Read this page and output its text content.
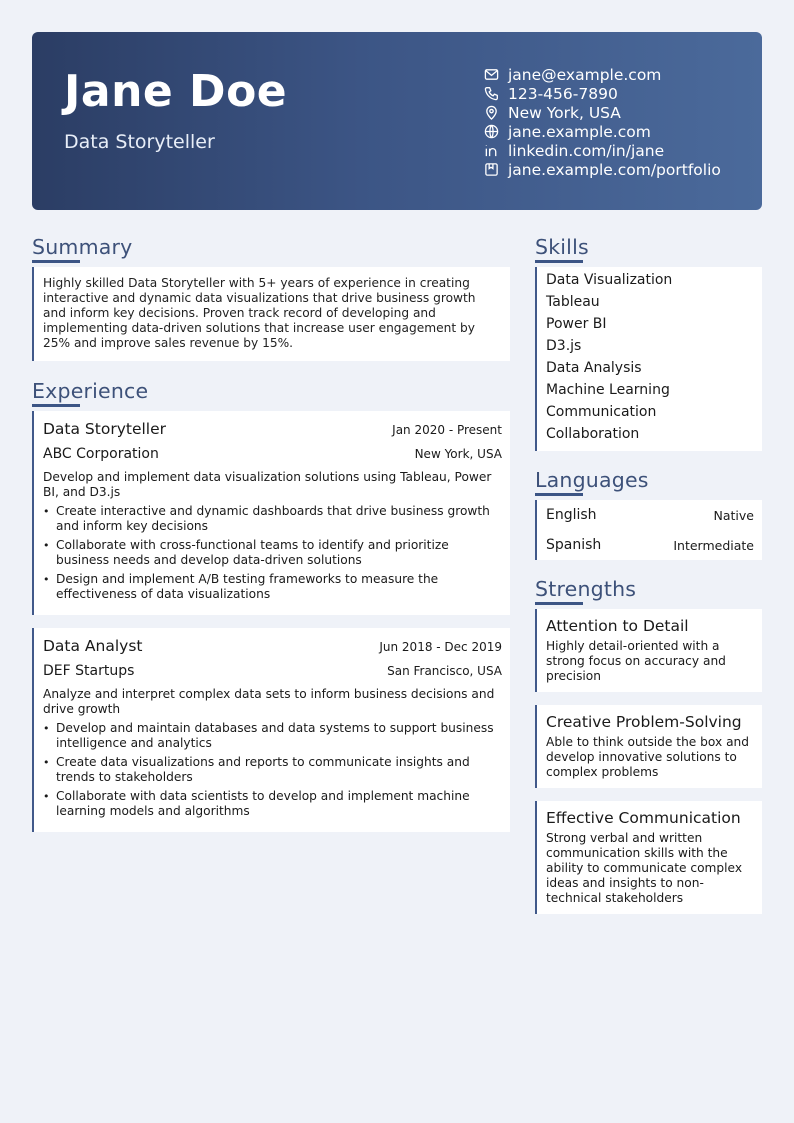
Jane Doe
Data Storyteller
jane@example.com
123-456-7890
New York, USA
jane.example.com
linkedin.com/in/jane
jane.example.com/portfolio
Summary
Highly skilled Data Storyteller with 5+ years of experience in creating interactive and dynamic data visualizations that drive business growth and inform key decisions. Proven track record of developing and implementing data-driven solutions that increase user engagement by 25% and improve sales revenue by 15%.
Experience
Data Storyteller	Jan 2020 - Present
ABC Corporation	New York, USA
Develop and implement data visualization solutions using Tableau, Power BI, and D3.js
• Create interactive and dynamic dashboards that drive business growth and inform key decisions
• Collaborate with cross-functional teams to identify and prioritize business needs and develop data-driven solutions
• Design and implement A/B testing frameworks to measure the effectiveness of data visualizations
Data Analyst	Jun 2018 - Dec 2019
DEF Startups	San Francisco, USA
Analyze and interpret complex data sets to inform business decisions and drive growth
• Develop and maintain databases and data systems to support business intelligence and analytics
• Create data visualizations and reports to communicate insights and trends to stakeholders
• Collaborate with data scientists to develop and implement machine learning models and algorithms
Skills
Data Visualization
Tableau
Power BI
D3.js
Data Analysis
Machine Learning
Communication
Collaboration
Languages
English	Native
Spanish	Intermediate
Strengths
Attention to Detail
Highly detail-oriented with a strong focus on accuracy and precision
Creative Problem-Solving
Able to think outside the box and develop innovative solutions to complex problems
Effective Communication
Strong verbal and written communication skills with the ability to communicate complex ideas and insights to non-technical stakeholders
